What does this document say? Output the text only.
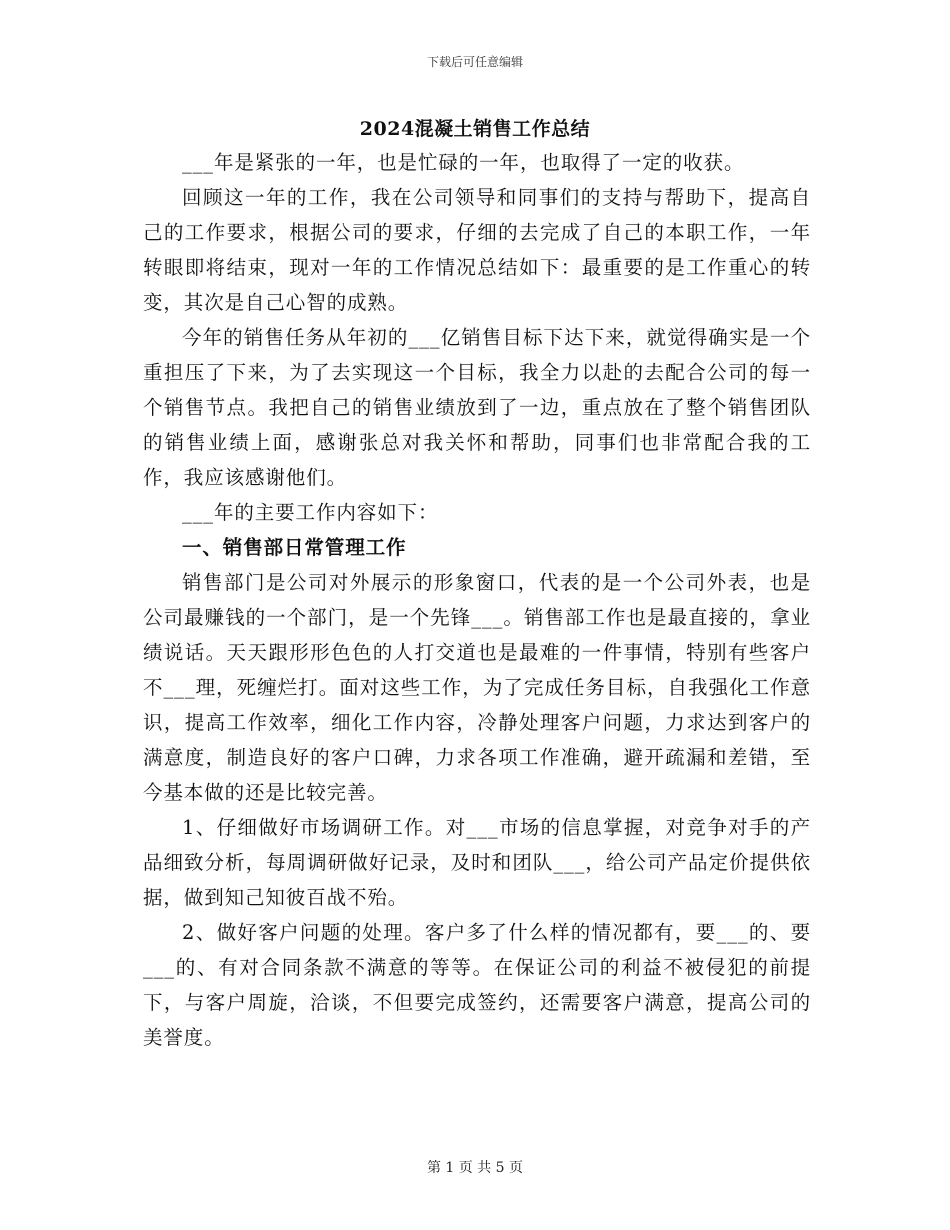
下载后可任意编辑
2024混凝土销售工作总结

___年是紧张的一年，也是忙碌的一年，也取得了一定的收获。

回顾这一年的工作，我在公司领导和同事们的支持与帮助下，提高自己的工作要求，根据公司的要求，仔细的去完成了自己的本职工作，一年转眼即将结束，现对一年的工作情况总结如下：最重要的是工作重心的转变，其次是自己心智的成熟。

今年的销售任务从年初的___亿销售目标下达下来，就觉得确实是一个重担压了下来，为了去实现这一个目标，我全力以赴的去配合公司的每一个销售节点。我把自己的销售业绩放到了一边，重点放在了整个销售团队的销售业绩上面，感谢张总对我关怀和帮助，同事们也非常配合我的工作，我应该感谢他们。

___年的主要工作内容如下：

一、销售部日常管理工作

销售部门是公司对外展示的形象窗口，代表的是一个公司外表，也是公司最赚钱的一个部门，是一个先锋___。销售部工作也是最直接的，拿业绩说话。天天跟形形色色的人打交道也是最难的一件事情，特别有些客户不___理，死缠烂打。面对这些工作，为了完成任务目标，自我强化工作意识，提高工作效率，细化工作内容，冷静处理客户问题，力求达到客户的满意度，制造良好的客户口碑，力求各项工作准确，避开疏漏和差错，至今基本做的还是比较完善。

1、仔细做好市场调研工作。对___市场的信息掌握，对竞争对手的产品细致分析，每周调研做好记录，及时和团队___，给公司产品定价提供依据，做到知己知彼百战不殆。

2、做好客户问题的处理。客户多了什么样的情况都有，要___的、要___的、有对合同条款不满意的等等。在保证公司的利益不被侵犯的前提下，与客户周旋，洽谈，不但要完成签约，还需要客户满意，提高公司的美誉度。

第 1 页 共 5 页
